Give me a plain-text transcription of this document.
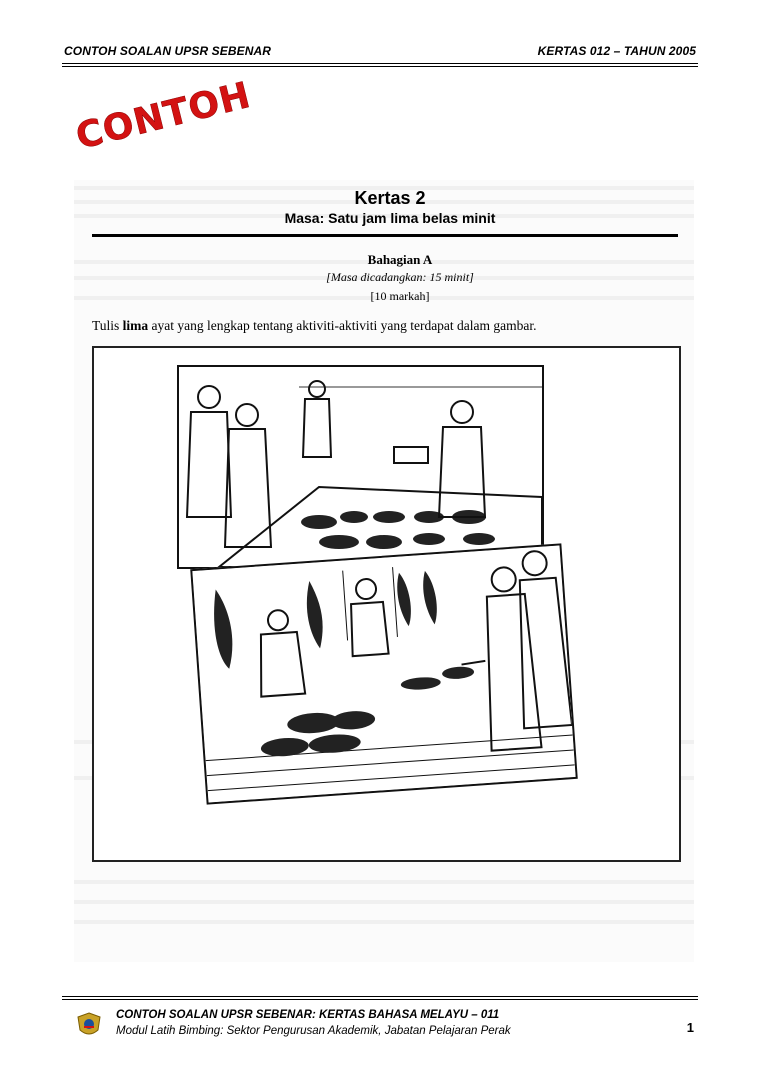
CONTOH SOALAN UPSR SEBENAR	KERTAS 012 – TAHUN 2005
CONTOH
Kertas 2
Masa: Satu jam lima belas minit
Bahagian A
[Masa dicadangkan: 15 minit]
[10 markah]
Tulis lima ayat yang lengkap tentang aktiviti-aktiviti yang terdapat dalam gambar.
CONTOH SOALAN UPSR SEBENAR: KERTAS BAHASA MELAYU – 011
Modul Latih Bimbing: Sektor Pengurusan Akademik, Jabatan Pelajaran Perak	1
